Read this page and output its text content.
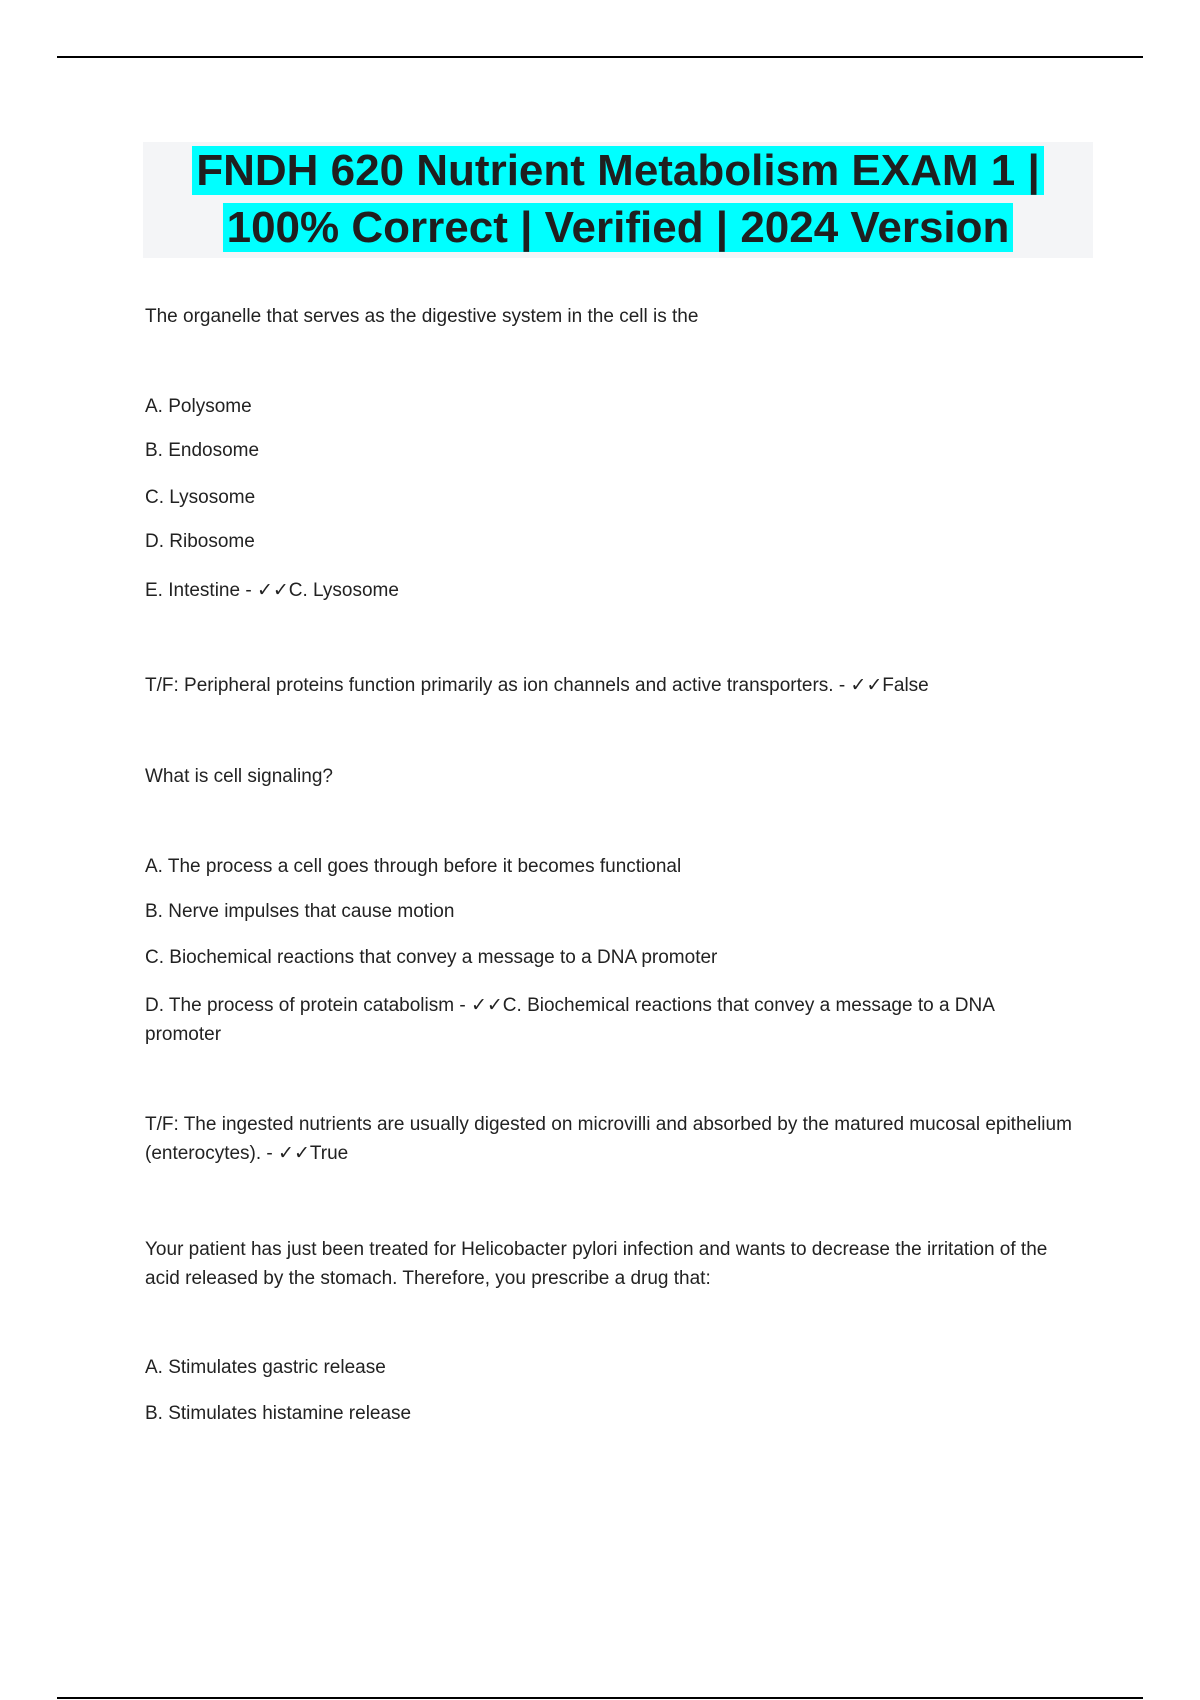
FNDH 620 Nutrient Metabolism EXAM 1 |
100% Correct | Verified | 2024 Version
The organelle that serves as the digestive system in the cell is the
A. Polysome
B. Endosome
C. Lysosome
D. Ribosome
E. Intestine - ✓✓C. Lysosome
T/F: Peripheral proteins function primarily as ion channels and active transporters. - ✓✓False
What is cell signaling?
A. The process a cell goes through before it becomes functional
B. Nerve impulses that cause motion
C. Biochemical reactions that convey a message to a DNA promoter
D. The process of protein catabolism - ✓✓C. Biochemical reactions that convey a message to a DNA promoter
T/F: The ingested nutrients are usually digested on microvilli and absorbed by the matured mucosal epithelium (enterocytes). - ✓✓True
Your patient has just been treated for Helicobacter pylori infection and wants to decrease the irritation of the acid released by the stomach. Therefore, you prescribe a drug that:
A. Stimulates gastric release
B. Stimulates histamine release
